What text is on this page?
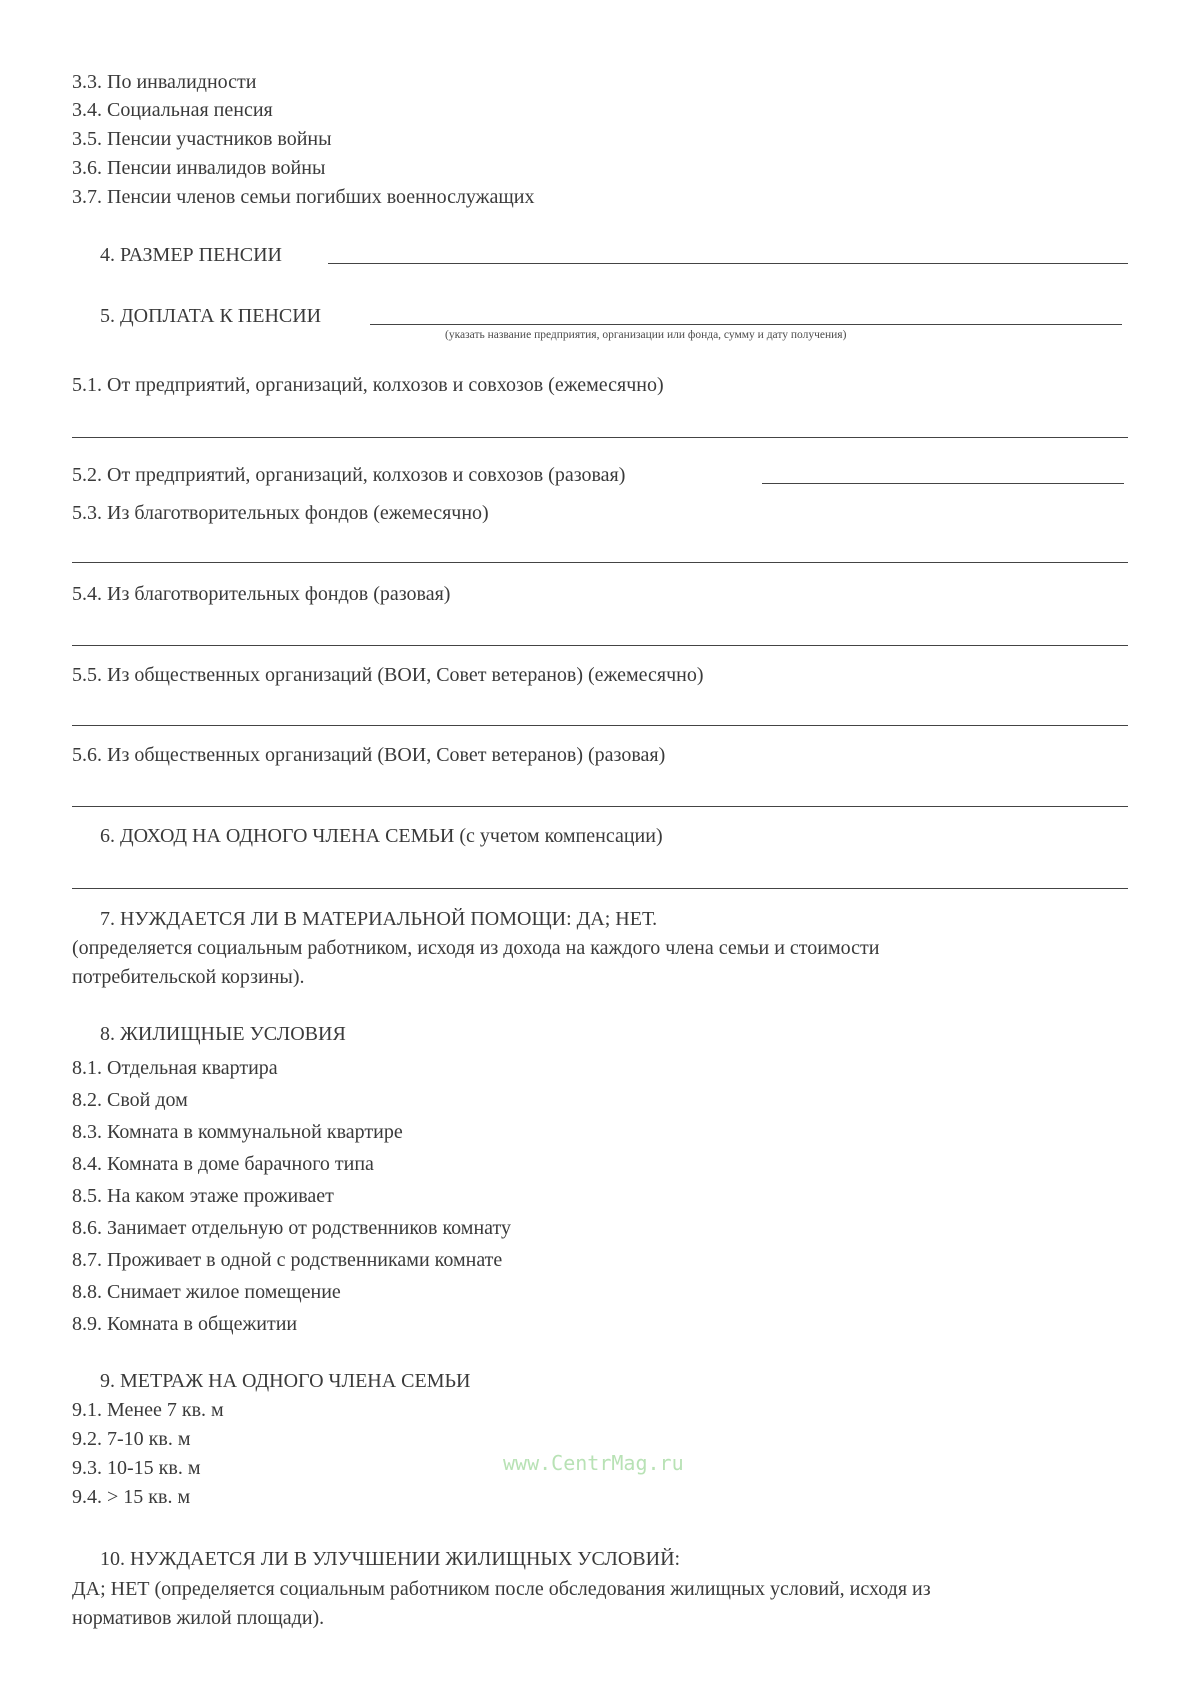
3.3. По инвалидности
3.4. Социальная пенсия
3.5. Пенсии участников войны
3.6. Пенсии инвалидов войны
3.7. Пенсии членов семьи погибших военнослужащих
4. РАЗМЕР ПЕНСИИ
5. ДОПЛАТА К ПЕНСИИ
(указать название предприятия, организации или фонда, сумму и дату получения)
5.1. От предприятий, организаций, колхозов и совхозов (ежемесячно)
5.2. От предприятий, организаций, колхозов и совхозов (разовая)
5.3. Из благотворительных фондов (ежемесячно)
5.4. Из благотворительных фондов (разовая)
5.5. Из общественных организаций (ВОИ, Совет ветеранов) (ежемесячно)
5.6. Из общественных организаций (ВОИ, Совет ветеранов) (разовая)
6. ДОХОД НА ОДНОГО ЧЛЕНА СЕМЬИ (с учетом компенсации)
7. НУЖДАЕТСЯ ЛИ В МАТЕРИАЛЬНОЙ ПОМОЩИ: ДА; НЕТ.
(определяется социальным работником, исходя из дохода на каждого члена семьи и стоимости
потребительской корзины).
8. ЖИЛИЩНЫЕ УСЛОВИЯ
8.1. Отдельная квартира
8.2. Свой дом
8.3. Комната в коммунальной квартире
8.4. Комната в доме барачного типа
8.5. На каком этаже проживает
8.6. Занимает отдельную от родственников комнату
8.7. Проживает в одной с родственниками комнате
8.8. Снимает жилое помещение
8.9. Комната в общежитии
9. МЕТРАЖ НА ОДНОГО ЧЛЕНА СЕМЬИ
9.1. Менее 7 кв. м
9.2. 7-10 кв. м
9.3. 10-15 кв. м
9.4. > 15 кв. м
www.CentrMag.ru
10. НУЖДАЕТСЯ ЛИ В УЛУЧШЕНИИ ЖИЛИЩНЫХ УСЛОВИЙ:
ДА; НЕТ (определяется социальным работником после обследования жилищных условий, исходя из
нормативов жилой площади).
